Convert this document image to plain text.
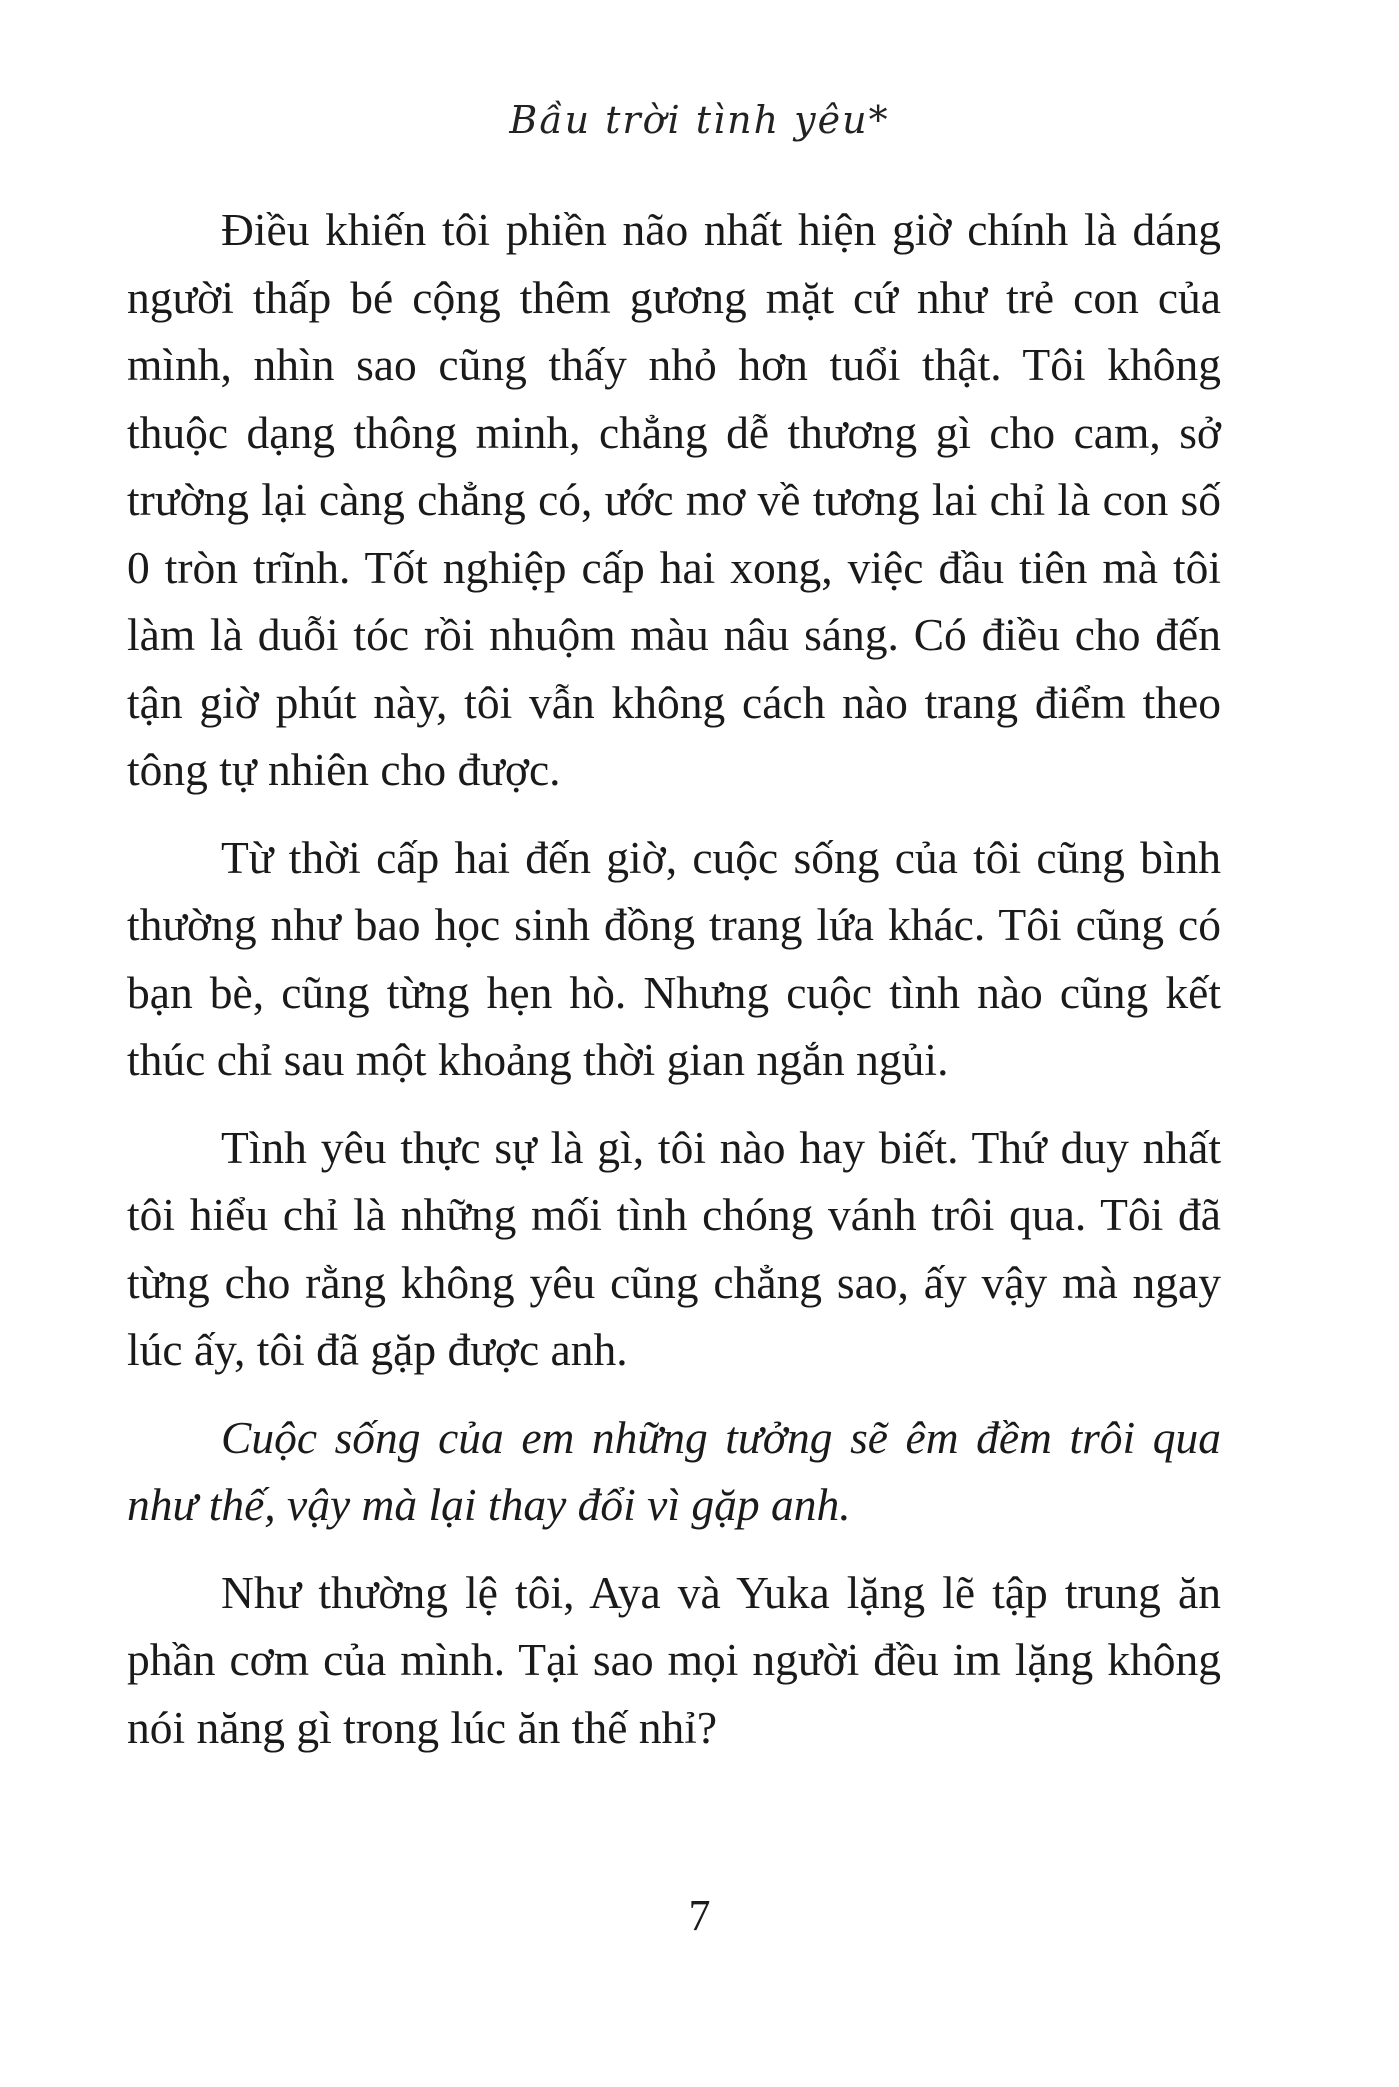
Bầu trời tình yêu*

Điều khiến tôi phiền não nhất hiện giờ chính là dáng người thấp bé cộng thêm gương mặt cứ như trẻ con của mình, nhìn sao cũng thấy nhỏ hơn tuổi thật. Tôi không thuộc dạng thông minh, chẳng dễ thương gì cho cam, sở trường lại càng chẳng có, ước mơ về tương lai chỉ là con số 0 tròn trĩnh. Tốt nghiệp cấp hai xong, việc đầu tiên mà tôi làm là duỗi tóc rồi nhuộm màu nâu sáng. Có điều cho đến tận giờ phút này, tôi vẫn không cách nào trang điểm theo tông tự nhiên cho được.

Từ thời cấp hai đến giờ, cuộc sống của tôi cũng bình thường như bao học sinh đồng trang lứa khác. Tôi cũng có bạn bè, cũng từng hẹn hò. Nhưng cuộc tình nào cũng kết thúc chỉ sau một khoảng thời gian ngắn ngủi.

Tình yêu thực sự là gì, tôi nào hay biết. Thứ duy nhất tôi hiểu chỉ là những mối tình chóng vánh trôi qua. Tôi đã từng cho rằng không yêu cũng chẳng sao, ấy vậy mà ngay lúc ấy, tôi đã gặp được anh.

Cuộc sống của em những tưởng sẽ êm đềm trôi qua như thế, vậy mà lại thay đổi vì gặp anh.

Như thường lệ tôi, Aya và Yuka lặng lẽ tập trung ăn phần cơm của mình. Tại sao mọi người đều im lặng không nói năng gì trong lúc ăn thế nhỉ?

7
